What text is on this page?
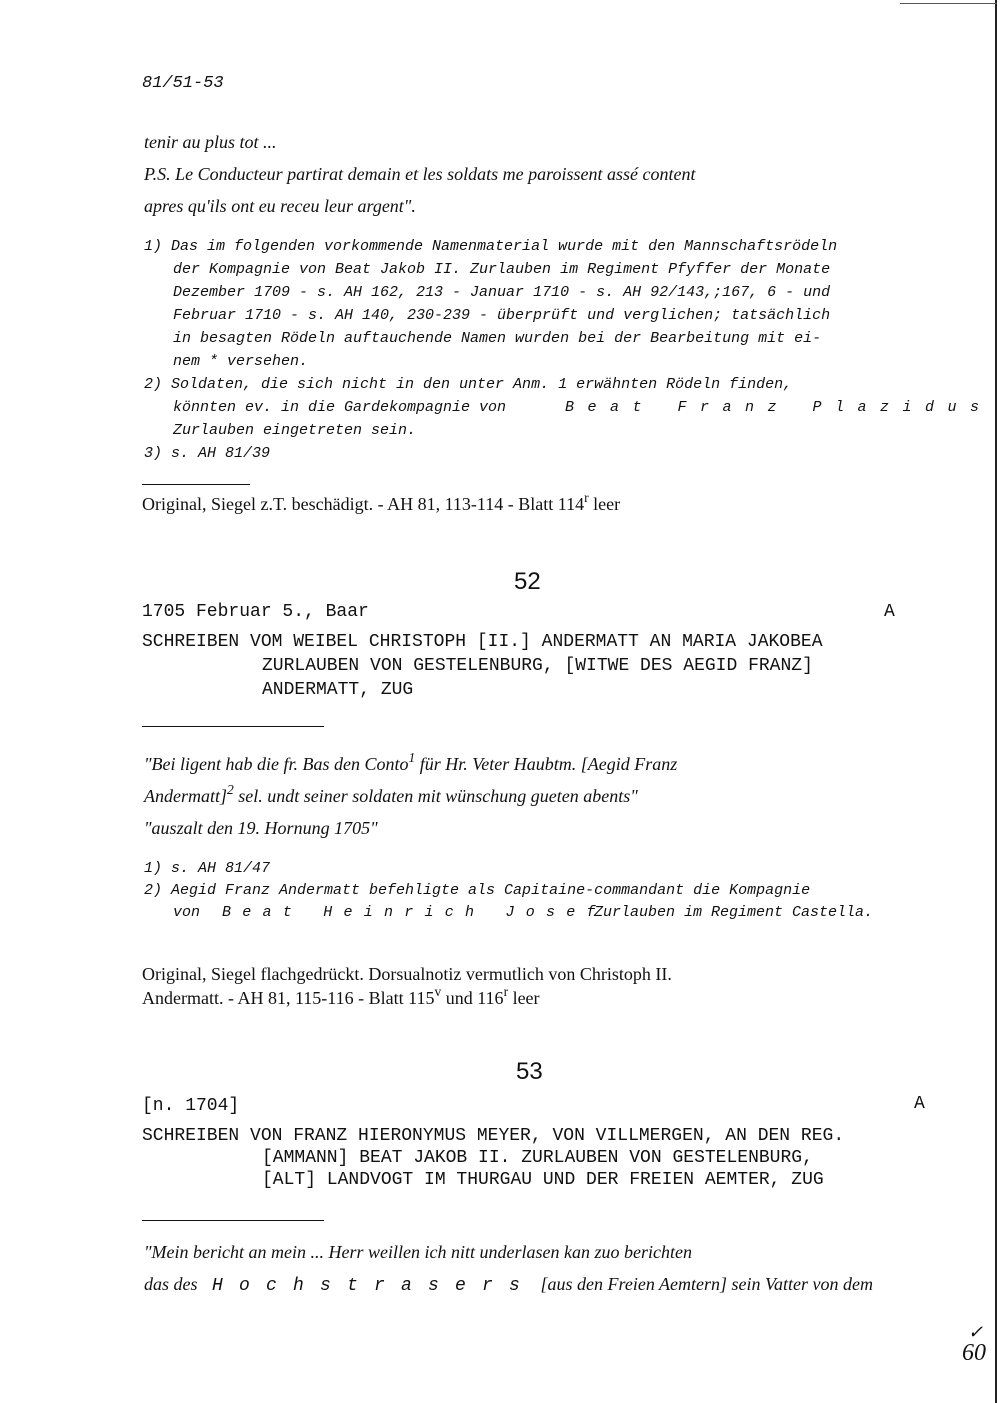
81/51-53
tenir au plus tot ...
P.S. Le Conducteur partirat demain et les soldats me paroissent assé content
apres qu'ils ont eu receu leur argent".
1) Das im folgenden vorkommende Namenmaterial wurde mit den Mannschaftsrödeln
der Kompagnie von Beat Jakob II. Zurlauben im Regiment Pfyffer der Monate
Dezember 1709 - s. AH 162, 213 - Januar 1710 - s. AH 92/143,;167, 6 - und
Februar 1710 - s. AH 140, 230-239 - überprüft und verglichen; tatsächlich
in besagten Rödeln auftauchende Namen wurden bei der Bearbeitung mit ei-
nem * versehen.
2) Soldaten, die sich nicht in den unter Anm. 1 erwähnten Rödeln finden,
könnten ev. in die Gardekompagnie von	Beat Franz Plazidus
Zurlauben eingetreten sein.
3) s. AH 81/39
Original, Siegel z.T. beschädigt. - AH 81, 113-114 - Blatt 114$^r$ leer
52
1705 Februar 5., Baar	A
SCHREIBEN VOM WEIBEL CHRISTOPH [II.] ANDERMATT AN MARIA JAKOBEA
ZURLAUBEN VON GESTELENBURG, [WITWE DES AEGID FRANZ]
ANDERMATT, ZUG
"Bei ligent hab die fr. Bas den Conto$^1$ für Hr. Veter Haubtm. [Aegid Franz
Andermatt]$^2$ sel. undt seiner soldaten mit wünschung gueten abents"
"auszalt den 19. Hornung 1705"
1) s. AH 81/47
2) Aegid Franz Andermatt befehligte als Capitaine-commandant die Kompagnie
von Beat Heinrich Josef
Zurlauben im Regiment Castella.
Original, Siegel flachgedrückt. Dorsualnotiz vermutlich von Christoph II.
Andermatt. - AH 81, 115-116 - Blatt 115$^v$ und 116$^r$ leer
53
[n. 1704]	A
SCHREIBEN VON FRANZ HIERONYMUS MEYER, VON VILLMERGEN, AN DEN REG.
[AMMANN] BEAT JAKOB II. ZURLAUBEN VON GESTELENBURG,
[ALT] LANDVOGT IM THURGAU UND DER FREIEN AEMTER, ZUG
"Mein bericht an mein ... Herr weillen ich nitt underlasen kan zuo berichten
das des Hochstrasers [aus den Freien Aemtern] sein Vatter von dem
✓
60
